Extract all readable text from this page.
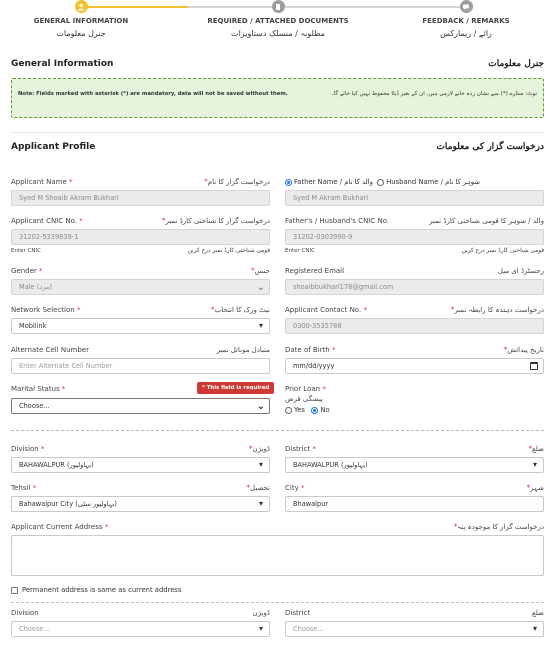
GENERAL INFORMATION
جنرل معلومات
REQUIRED / ATTACHED DOCUMENTS
مطلوبہ / منسلک دستاویزات
FEEDBACK / REMARKS
رائے / ریمارکس
General Information	جنرل معلومات
Note: Fields marked with asterisk (*) are mandatory, data will not be saved without them.	نوٹ: ستارے (*) سے نشان زدہ خانے لازمی ہیں، ان کے بغیر ڈیٹا محفوظ نہیں کیا جائے گا۔
Applicant Profile	درخواست گزار کی معلومات
Applicant Name *	*درخواست گزار کا نام
Syed M Shoaib Akram Bukhari
Father Name / والد کا نام Husband Name / شوہر کا نام
Syed M Akram Bukhari
Applicant CNIC No. *	*درخواست گزار کا شناختی کارڈ نمبر
31202-5339839-1
Enter CNIC	قومی شناختی کارڈ نمبر درج کریں
Father's / Husband's CNIC No.	والد / شوہر کا قومی شناختی کارڈ نمبر
31202-0303990-9
Enter CNIC	قومی شناختی کارڈ نمبر درج کریں
Gender *	*جنس
Male (مرد)	⌄
Registered Email	رجسٹرڈ ای میل
shoaibbukhari178@gmail.com
Network Selection *	*نیٹ ورک کا انتخاب
Mobilink ▾
Applicant Contact No. *	*درخواست دہندہ کا رابطہ نمبر
0300-3535788
Alternate Cell Number	متبادل موبائل نمبر
Enter Alternate Cell Number
Date of Birth *	*تاریخ پیدائش
mm/dd/yyyy
Marital Status *	* This field is required
Choose...	⌄
Prior Loan *
پیشگی قرض
Yes No
Division *	*ڈویژن
BAHAWALPUR (بہاولپور) ▾
District *	*ضلع
BAHAWALPUR (بہاولپور) ▾
Tehsil *	*تحصیل
Bahawalpur City (بہاولپور سٹی) ▾
City *	*شہر
Bhawalpur
Applicant Current Address *	*درخواست گزار کا موجودہ پتہ
Permanent address is same as current address
Division	ڈویژن
Choose... ▾
District	ضلع
Choose... ▾
